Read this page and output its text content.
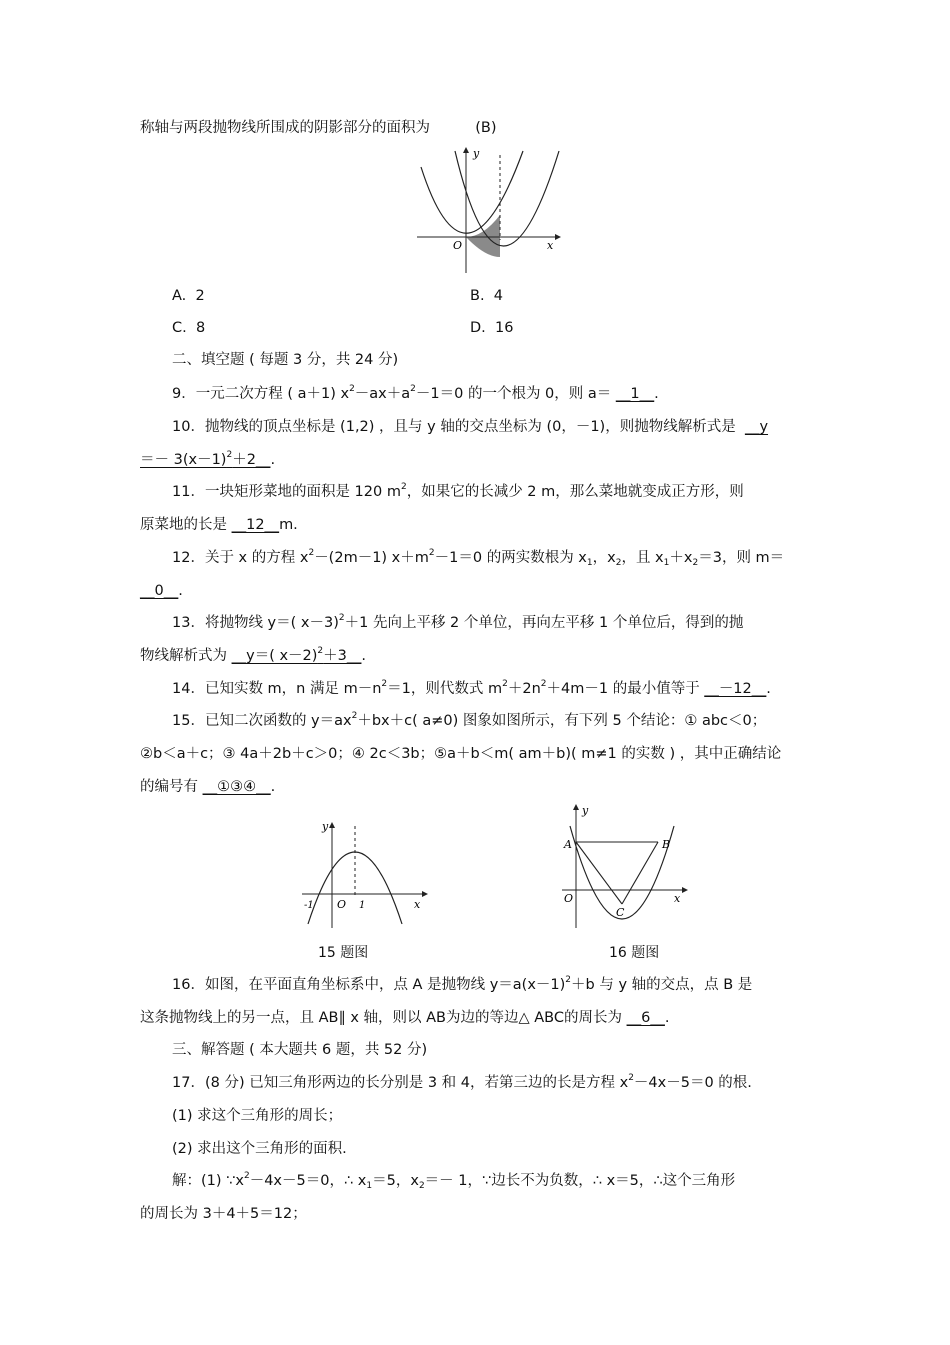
称轴与两段抛物线所围成的阴影部分的面积为	(B)
y
x
O
A. 2	B. 4
C. 8	D. 16
二、填空题 ( 每题 3 分，共 24 分)
9．一元二次方程 ( a＋1) $x^2-ax+a^2-1=0$ 的一个根为 0，则 a＝ __1__.
10．抛物线的顶点坐标是 (1,2) ，且与 y 轴的交点坐标为 (0，－1)，则抛物线解析式是 __y
＝－ $3(x-1)^2+2\_\_$.
11．一块矩形菜地的面积是 120 $m^2$，如果它的长减少 2 m，那么菜地就变成正方形，则
原菜地的长是 __12__m.
12．关于 x 的方程 $x^2-(2m-1)$ $x+m^2-1=0$ 的两实数根为 $x_1$，$x_2$，且 $x_1+x_2=3$，则 m＝
__0__.
13．将抛物线 y＝( x－3)$^2$＋1 先向上平移 2 个单位，再向左平移 1 个单位后，得到的抛
物线解析式为 __y＝( x－2)$^2$＋3__.
14．已知实数 m，n 满足 $m-n^2=1$，则代数式 $m^2+2n^2+4m-1$ 的最小值等于 __－12__.
15．已知二次函数的 $y=ax^2+bx+c$( a≠0) 图象如图所示，有下列 5 个结论：① abc＜0；
②b＜a＋c；③ 4a＋2b＋c＞0；④ 2c＜3b；⑤a＋b＜m( am＋b)( m≠1 的实数 ) ，其中正确结论
的编号有 __①③④__.
y
x
O
-1	1
15 题图
y
x
O
A	B
C
16 题图
16．如图，在平面直角坐标系中，点 A 是抛物线 $y=a(x-1)^2+b$ 与 y 轴的交点，点 B 是
这条抛物线上的另一点，且 AB∥ x 轴，则以 AB为边的等边△ ABC的周长为 __6__.
三、解答题 ( 本大题共 6 题，共 52 分)
17．(8 分) 已知三角形两边的长分别是 3 和 4，若第三边的长是方程 $x^2-4x-5=0$ 的根.
(1) 求这个三角形的周长；
(2) 求出这个三角形的面积.
解：(1) $\because x^2-4x-5=0$，∴ $x_1=5$，$x_2=- 1$，∵边长不为负数，∴ x＝5，∴这个三角形
的周长为 3＋4＋5＝12；
